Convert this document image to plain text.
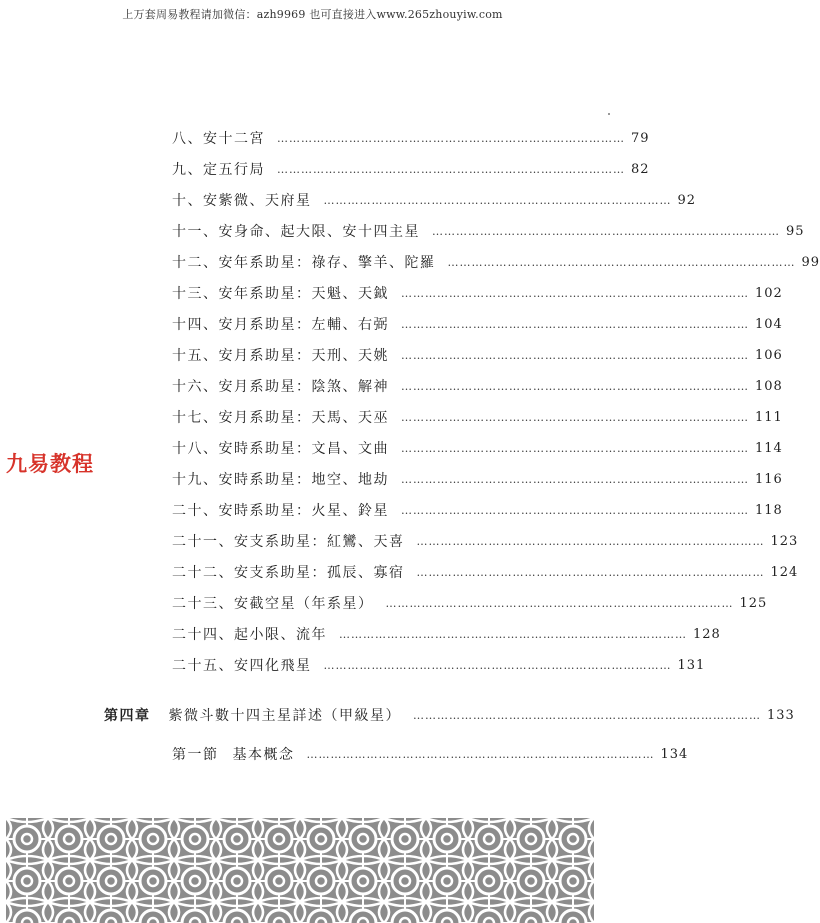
上万套周易教程请加微信：azh9969 也可直接进入www.265zhouyiw.com
九易教程
八、安十二宮 …………………………………………………………………………… 79
九、定五行局 …………………………………………………………………………… 82
十、安紫微、天府星 …………………………………………………………………………… 92
十一、安身命、起大限、安十四主星 …………………………………………………………………………… 95
十二、安年系助星：祿存、擎羊、陀羅 …………………………………………………………………………… 99
十三、安年系助星：天魁、天鉞 …………………………………………………………………………… 102
十四、安月系助星：左輔、右弼 …………………………………………………………………………… 104
十五、安月系助星：天刑、天姚 …………………………………………………………………………… 106
十六、安月系助星：陰煞、解神 …………………………………………………………………………… 108
十七、安月系助星：天馬、天巫 …………………………………………………………………………… 111
十八、安時系助星：文昌、文曲 …………………………………………………………………………… 114
十九、安時系助星：地空、地劫 …………………………………………………………………………… 116
二十、安時系助星：火星、鈴星 …………………………………………………………………………… 118
二十一、安支系助星：紅鸞、天喜 …………………………………………………………………………… 123
二十二、安支系助星：孤辰、寡宿 …………………………………………………………………………… 124
二十三、安截空星（年系星） …………………………………………………………………………… 125
二十四、起小限、流年 …………………………………………………………………………… 128
二十五、安四化飛星 …………………………………………………………………………… 131
第四章 紫微斗數十四主星詳述（甲級星） …………………………………………………………………………… 133
第一節 基本概念 …………………………………………………………………………… 134
